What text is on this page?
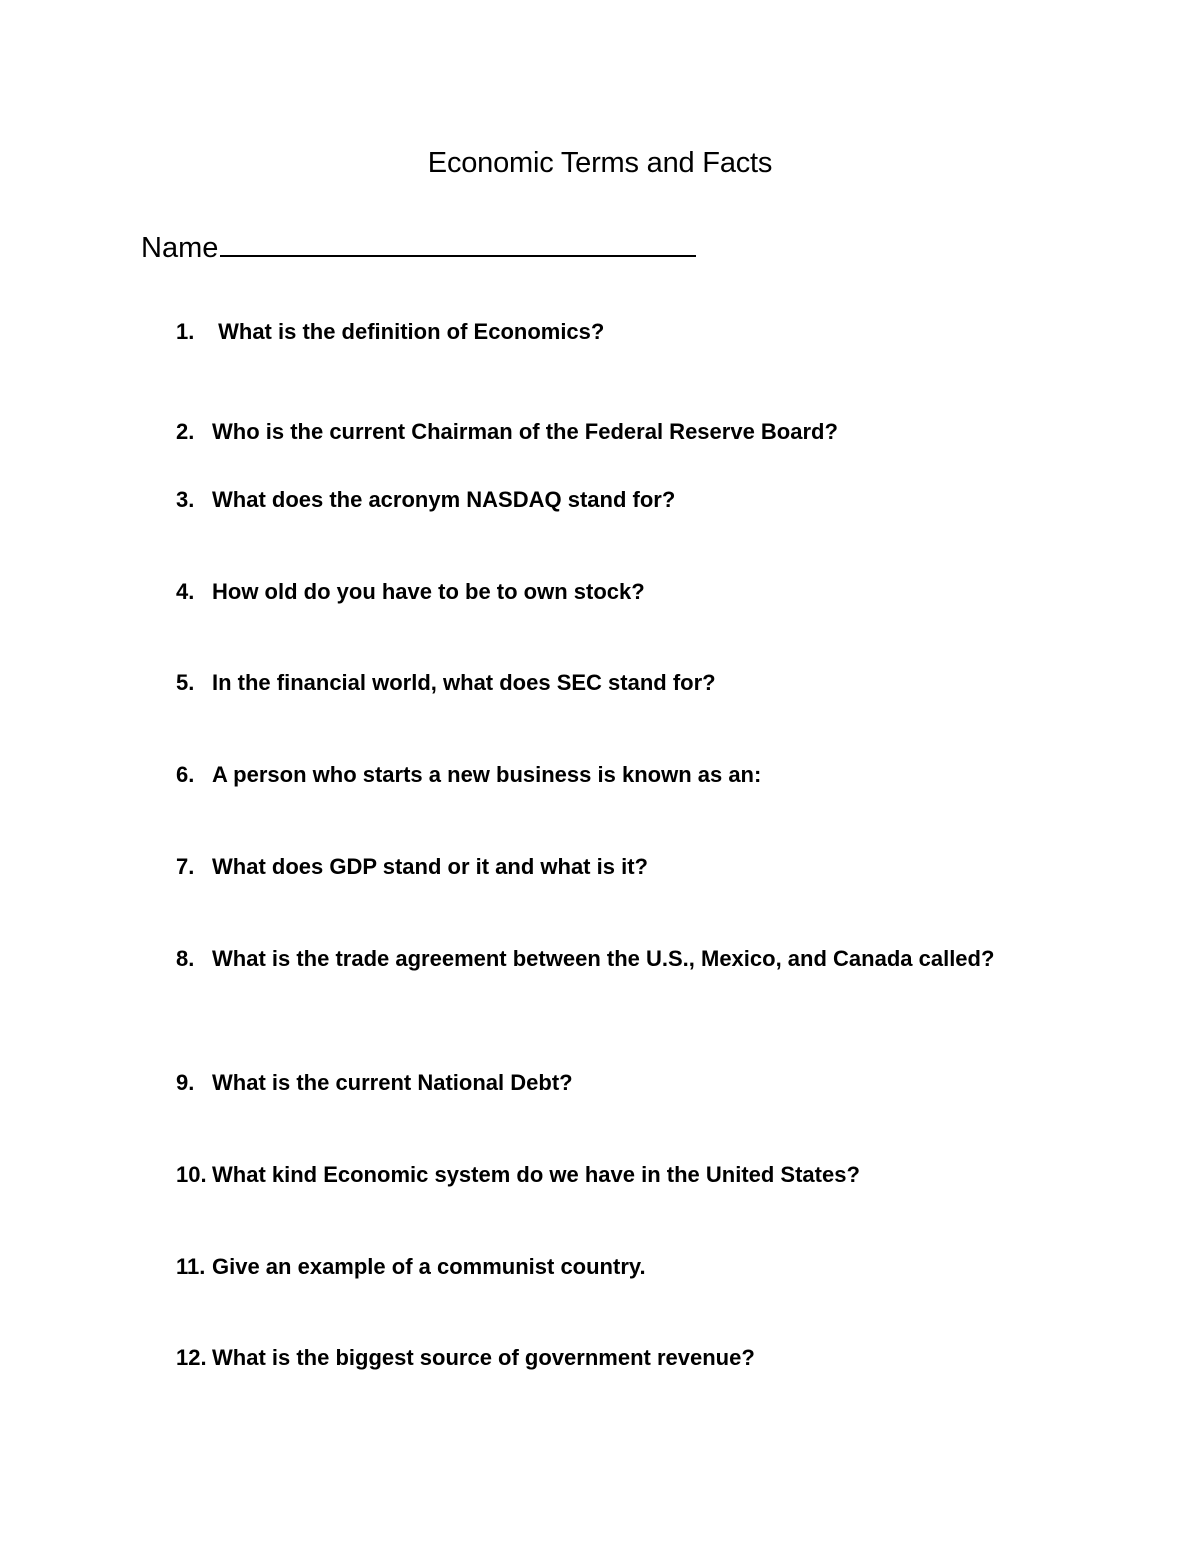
Economic Terms and Facts
Name
1. What is the definition of Economics?
2. Who is the current Chairman of the Federal Reserve Board?
3. What does the acronym NASDAQ stand for?
4. How old do you have to be to own stock?
5. In the financial world, what does SEC stand for?
6. A person who starts a new business is known as an:
7. What does GDP stand or it and what is it?
8. What is the trade agreement between the U.S., Mexico, and Canada called?
9. What is the current National Debt?
10. What kind Economic system do we have in the United States?
11. Give an example of a communist country.
12. What is the biggest source of government revenue?
